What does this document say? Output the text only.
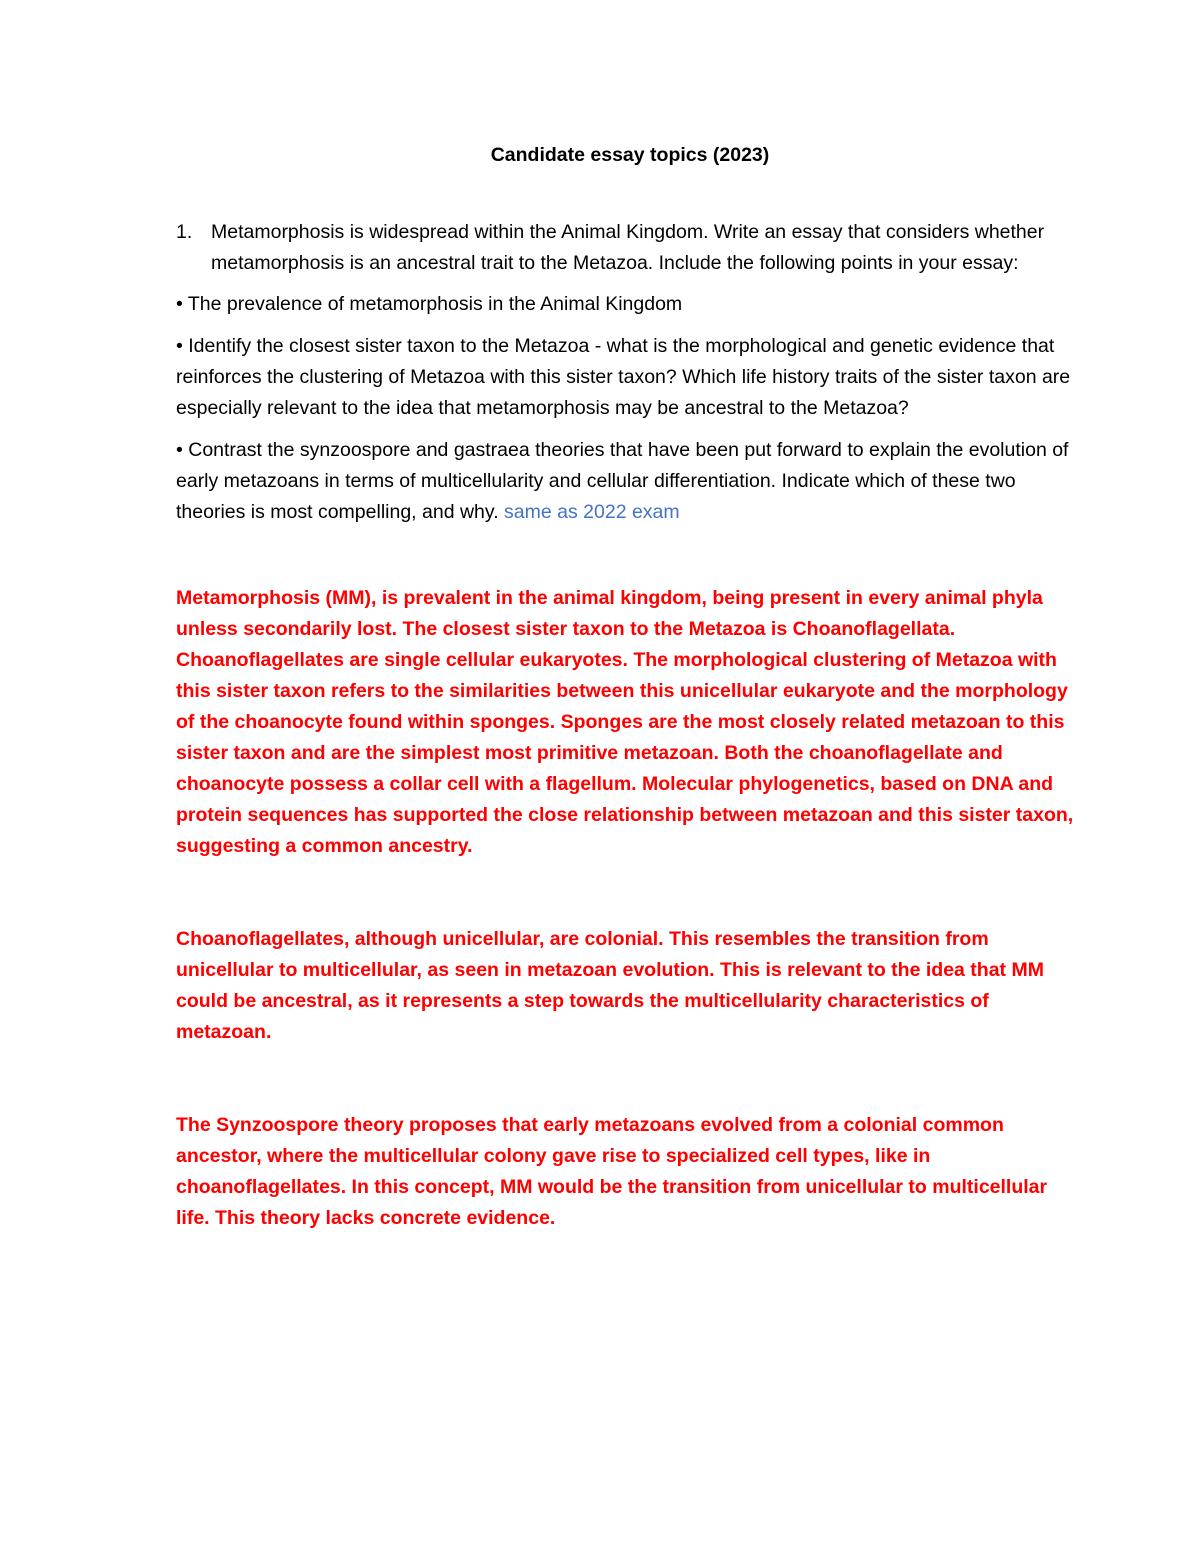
Candidate essay topics (2023)
1. Metamorphosis is widespread within the Animal Kingdom. Write an essay that considers whether metamorphosis is an ancestral trait to the Metazoa. Include the following points in your essay:

• The prevalence of metamorphosis in the Animal Kingdom

• Identify the closest sister taxon to the Metazoa - what is the morphological and genetic evidence that reinforces the clustering of Metazoa with this sister taxon? Which life history traits of the sister taxon are especially relevant to the idea that metamorphosis may be ancestral to the Metazoa?

• Contrast the synzoospore and gastraea theories that have been put forward to explain the evolution of early metazoans in terms of multicellularity and cellular differentiation. Indicate which of these two theories is most compelling, and why. same as 2022 exam

Metamorphosis (MM), is prevalent in the animal kingdom, being present in every animal phyla unless secondarily lost. The closest sister taxon to the Metazoa is Choanoflagellata. Choanoflagellates are single cellular eukaryotes. The morphological clustering of Metazoa with this sister taxon refers to the similarities between this unicellular eukaryote and the morphology of the choanocyte found within sponges. Sponges are the most closely related metazoan to this sister taxon and are the simplest most primitive metazoan. Both the choanoflagellate and choanocyte possess a collar cell with a flagellum. Molecular phylogenetics, based on DNA and protein sequences has supported the close relationship between metazoan and this sister taxon, suggesting a common ancestry.

Choanoflagellates, although unicellular, are colonial. This resembles the transition from unicellular to multicellular, as seen in metazoan evolution. This is relevant to the idea that MM could be ancestral, as it represents a step towards the multicellularity characteristics of metazoan.

The Synzoospore theory proposes that early metazoans evolved from a colonial common ancestor, where the multicellular colony gave rise to specialized cell types, like in choanoflagellates. In this concept, MM would be the transition from unicellular to multicellular life. This theory lacks concrete evidence.
